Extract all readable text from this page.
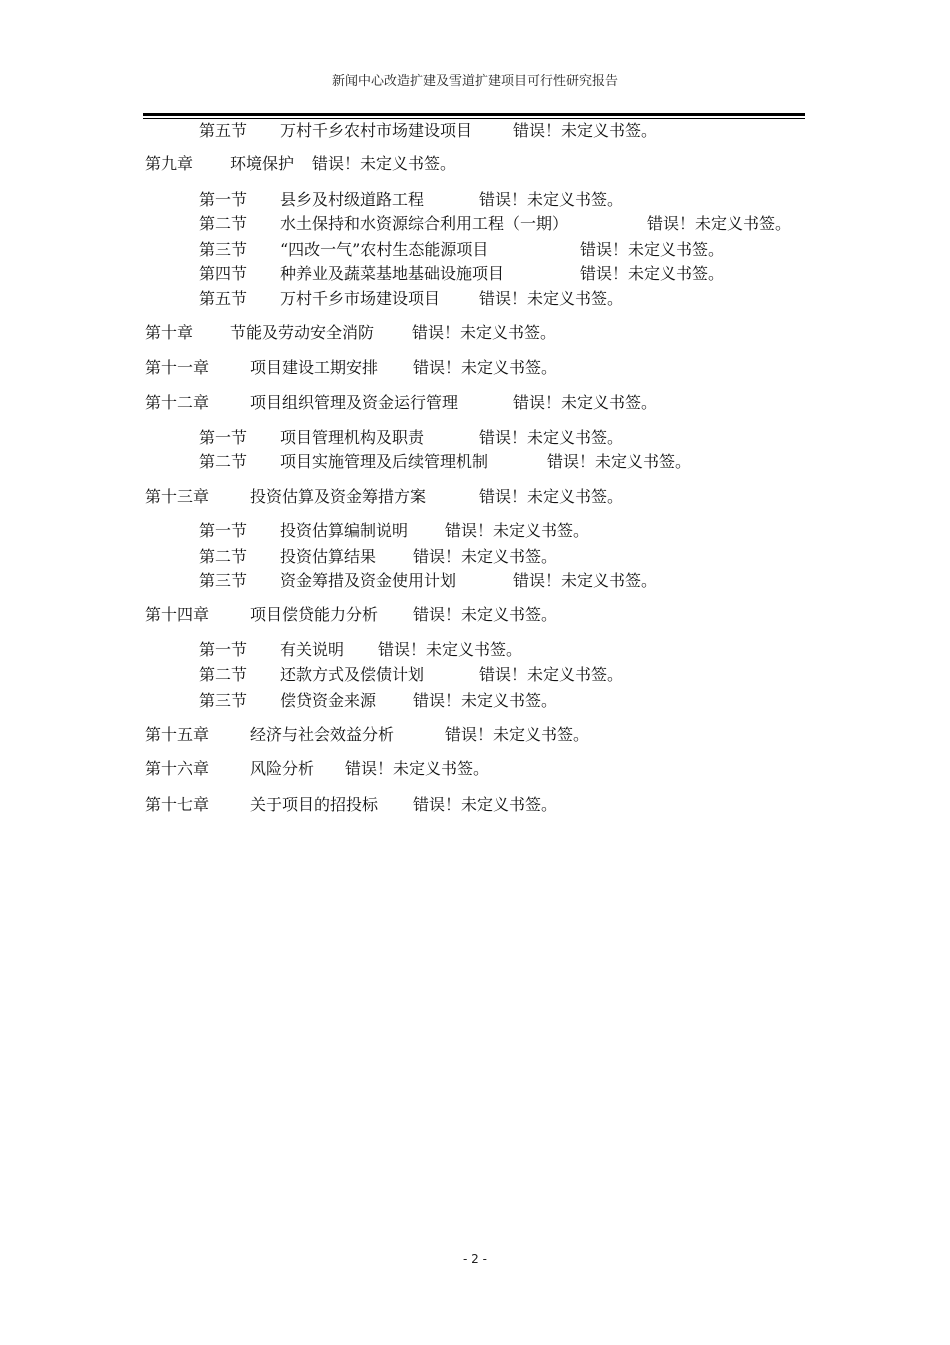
新闻中心改造扩建及雪道扩建项目可行性研究报告
第五节 万村千乡农村市场建设项目	错误！未定义书签。
第九章 环境保护 错误！未定义书签。
第一节 县乡及村级道路工程	错误！未定义书签。
第二节 水土保持和水资源综合利用工程（一期）	错误！未定义书签。
第三节 “四改一气”农村生态能源项目	错误！未定义书签。
第四节 种养业及蔬菜基地基础设施项目	错误！未定义书签。
第五节 万村千乡市场建设项目 错误！未定义书签。
第十章 节能及劳动安全消防 错误！未定义书签。
第十一章	项目建设工期安排 错误！未定义书签。
第十二章	项目组织管理及资金运行管理	错误！未定义书签。
第一节 项目管理机构及职责	错误！未定义书签。
第二节 项目实施管理及后续管理机制	错误！未定义书签。
第十三章	投资估算及资金筹措方案	错误！未定义书签。
第一节 投资估算编制说明 错误！未定义书签。
第二节 投资估算结果 错误！未定义书签。
第三节 资金筹措及资金使用计划	错误！未定义书签。
第十四章	项目偿贷能力分析 错误！未定义书签。
第一节 有关说明 错误！未定义书签。
第二节 还款方式及偿债计划	错误！未定义书签。
第三节 偿贷资金来源 错误！未定义书签。
第十五章	经济与社会效益分析	错误！未定义书签。
第十六章	风险分析 错误！未定义书签。
第十七章	关于项目的招投标 错误！未定义书签。
- 2 -
